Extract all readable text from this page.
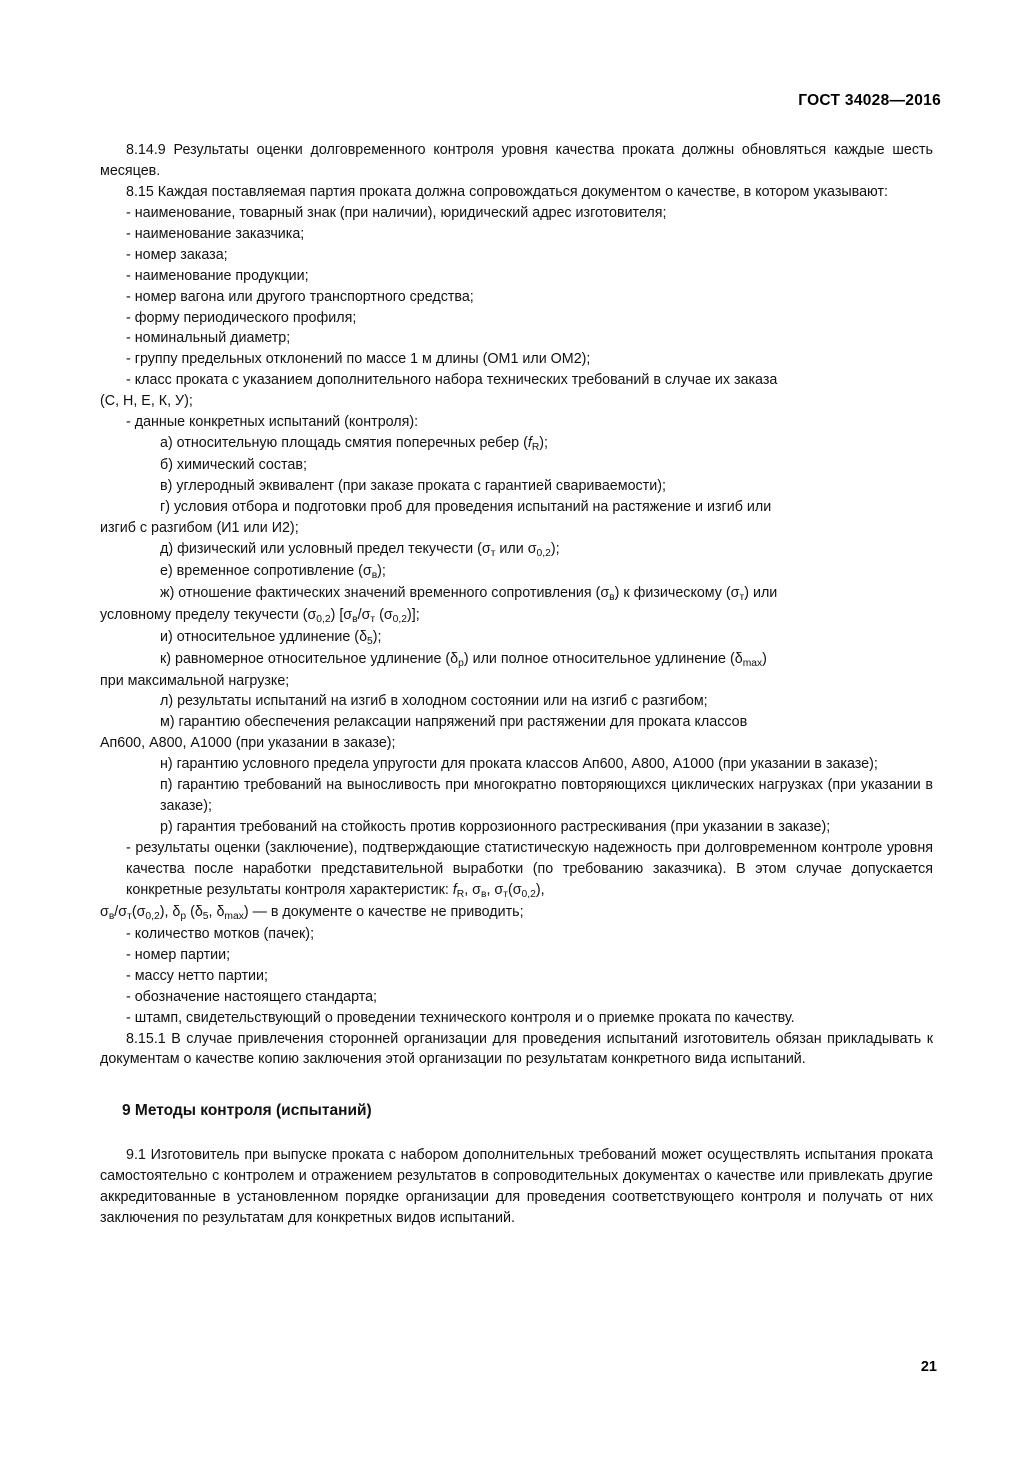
ГОСТ 34028—2016

8.14.9 Результаты оценки долговременного контроля уровня качества проката должны обновляться каждые шесть месяцев.

8.15 Каждая поставляемая партия проката должна сопровождаться документом о качестве, в котором указывают:

- наименование, товарный знак (при наличии), юридический адрес изготовителя;

- наименование заказчика;

- номер заказа;

- наименование продукции;

- номер вагона или другого транспортного средства;

- форму периодического профиля;

- номинальный диаметр;

- группу предельных отклонений по массе 1 м длины (ОМ1 или ОМ2);

- класс проката с указанием дополнительного набора технических требований в случае их заказа

(С, Н, Е, К, У);

- данные конкретных испытаний (контроля):

а) относительную площадь смятия поперечных ребер $(f_R)$;

б) химический состав;

в) углеродный эквивалент (при заказе проката с гарантией свариваемости);

г) условия отбора и подготовки проб для проведения испытаний на растяжение и изгиб или

изгиб с разгибом (И1 или И2);

д) физический или условный предел текучести ($\sigma_т$ или $\sigma_{0,2}$);

е) временное сопротивление $(\sigma_в)$;

ж) отношение фактических значений временного сопротивления $(\sigma_в)$ к физическому $(\sigma_т)$ или

условному пределу текучести $(\sigma_{0,2})$ [$\sigma_в/\sigma_т$ $(\sigma_{0,2})$];

и) относительное удлинение $(\delta_5)$;

к) равномерное относительное удлинение $(\delta_p)$ или полное относительное удлинение $(\delta_{max})$

при максимальной нагрузке;

л) результаты испытаний на изгиб в холодном состоянии или на изгиб с разгибом;

м) гарантию обеспечения релаксации напряжений при растяжении для проката классов

Ап600, А800, А1000 (при указании в заказе);

н) гарантию условного предела упругости для проката классов Ап600, А800, А1000 (при указании в заказе);

п) гарантию требований на выносливость при многократно повторяющихся циклических нагрузках (при указании в заказе);

р) гарантия требований на стойкость против коррозионного растрескивания (при указании в заказе);

- результаты оценки (заключение), подтверждающие статистическую надежность при долговременном контроле уровня качества после наработки представительной выработки (по требованию заказчика). В этом случае допускается конкретные результаты контроля характеристик: $f_R$, $\sigma_в$, $\sigma_т(\sigma_{0,2})$,

$\sigma_в/\sigma_т(\sigma_{0,2})$, $\delta_p$ ($\delta_5$, $\delta_{max}$) — в документе о качестве не приводить;

- количество мотков (пачек);

- номер партии;

- массу нетто партии;

- обозначение настоящего стандарта;

- штамп, свидетельствующий о проведении технического контроля и о приемке проката по качеству.

8.15.1 В случае привлечения сторонней организации для проведения испытаний изготовитель обязан прикладывать к документам о качестве копию заключения этой организации по результатам конкретного вида испытаний.

9 Методы контроля (испытаний)

9.1 Изготовитель при выпуске проката с набором дополнительных требований может осуществлять испытания проката самостоятельно с контролем и отражением результатов в сопроводительных документах о качестве или привлекать другие аккредитованные в установленном порядке организации для проведения соответствующего контроля и получать от них заключения по результатам для конкретных видов испытаний.

21
